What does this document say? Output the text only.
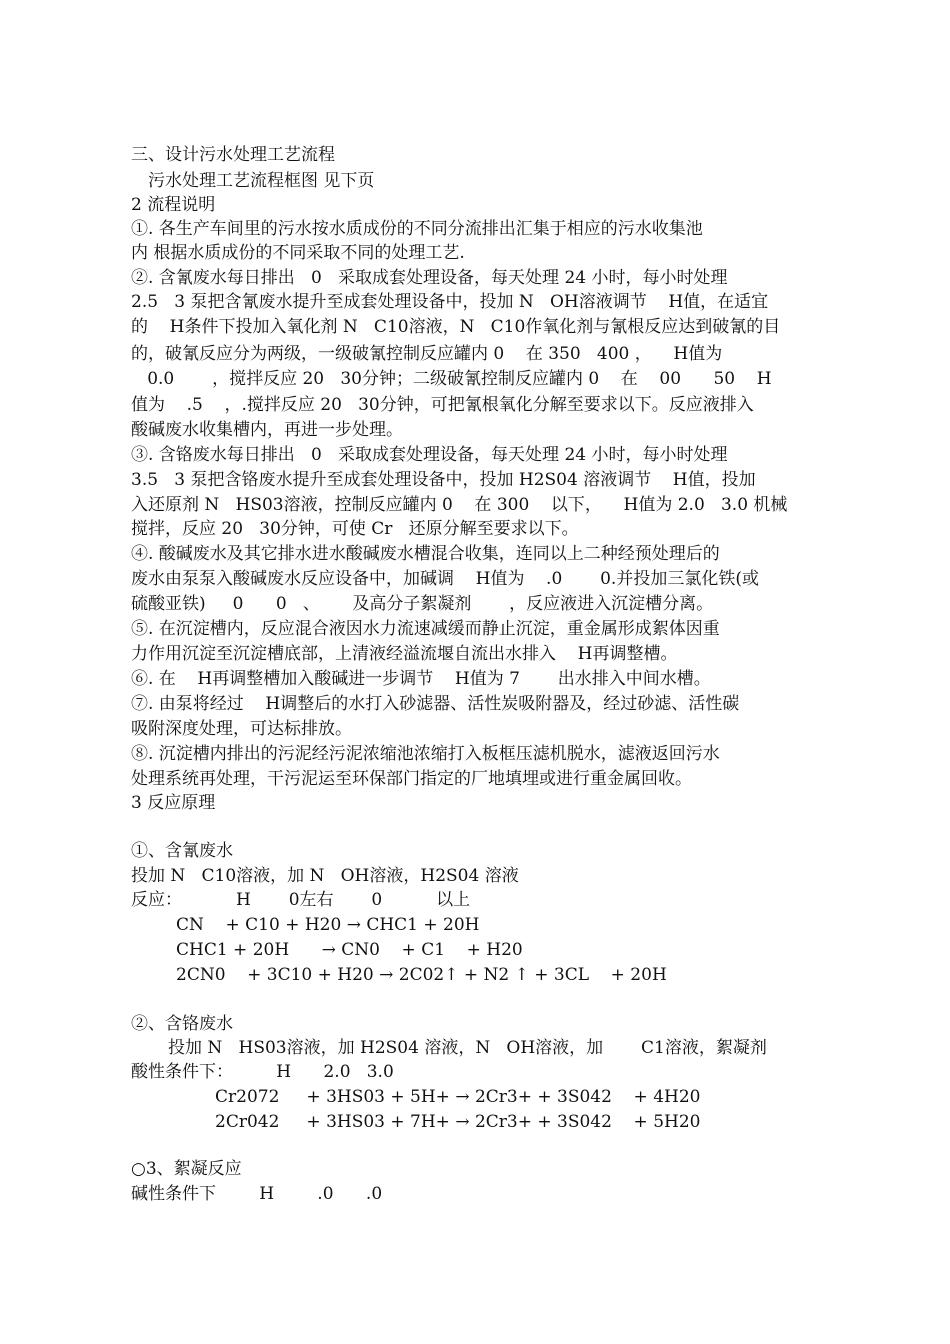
三、设计污水处理工艺流程
污水处理工艺流程框图 见下页
2 流程说明
①. 各生产车间里的污水按水质成份的不同分流排出汇集于相应的污水收集池
内 根据水质成份的不同采取不同的处理工艺.
②. 含氰废水每日排出   0   采取成套处理设备，每天处理 24 小时，每小时处理
2.5   3 泵把含氰废水提升至成套处理设备中，投加 N   OH溶液调节    H值，在适宜
的    H条件下投加入氧化剂 N   C10溶液，N   C10作氧化剂与氰根反应达到破氰的目
的，破氰反应分为两级，一级破氰控制反应罐内 0    在 350   400 ，    H值为
0.0       ，搅拌反应 20   30分钟；二级破氰控制反应罐内 0    在    00      50    H
值为    .5    ，.搅拌反应 20   30分钟，可把氰根氧化分解至要求以下。反应液排入
酸碱废水收集槽内，再进一步处理。
③. 含铬废水每日排出   0   采取成套处理设备，每天处理 24 小时，每小时处理
3.5   3 泵把含铬废水提升至成套处理设备中，投加 H2S04 溶液调节    H值，投加
入还原剂 N   HS03溶液，控制反应罐内 0    在 300    以下，    H值为 2.0   3.0 机械
搅拌，反应 20   30分钟，可使 Cr   还原分解至要求以下。
④. 酸碱废水及其它排水进水酸碱废水槽混合收集，连同以上二种经预处理后的
废水由泵泵入酸碱废水反应设备中，加碱调    H值为    .0       0.并投加三氯化铁(或
硫酸亚铁)     0      0   、      及高分子絮凝剂       ，反应液进入沉淀槽分离。
⑤. 在沉淀槽内，反应混合液因水力流速减缓而静止沉淀，重金属形成絮体因重
力作用沉淀至沉淀槽底部，上清液经溢流堰自流出水排入    H再调整槽。
⑥. 在    H再调整槽加入酸碱进一步调节    H值为 7       出水排入中间水槽。
⑦. 由泵将经过    H调整后的水打入砂滤器、活性炭吸附器及，经过砂滤、活性碳
吸附深度处理，可达标排放。
⑧. 沉淀槽内排出的污泥经污泥浓缩池浓缩打入板框压滤机脱水，滤液返回污水
处理系统再处理，干污泥运至环保部门指定的厂地填埋或进行重金属回收。
3 反应原理
①、含氰废水
投加 N   C10溶液，加 N   OH溶液，H2S04 溶液
反应：          H       0左右       0          以上
CN    + C10 + H20 → CHC1 + 20H
CHC1 + 20H      → CN0    + C1    + H20
2CN0    + 3C10 + H20 → 2C02↑ + N2 ↑ + 3CL    + 20H
②、含铬废水
投加 N   HS03溶液，加 H2S04 溶液，N   OH溶液，加       C1溶液，絮凝剂
酸性条件下：        H      2.0   3.0
Cr2072     + 3HS03 + 5H+ → 2Cr3+ + 3S042    + 4H20
2Cr042     + 3HS03 + 7H+ → 2Cr3+ + 3S042    + 5H20
○3、絮凝反应
碱性条件下        H        .0      .0
